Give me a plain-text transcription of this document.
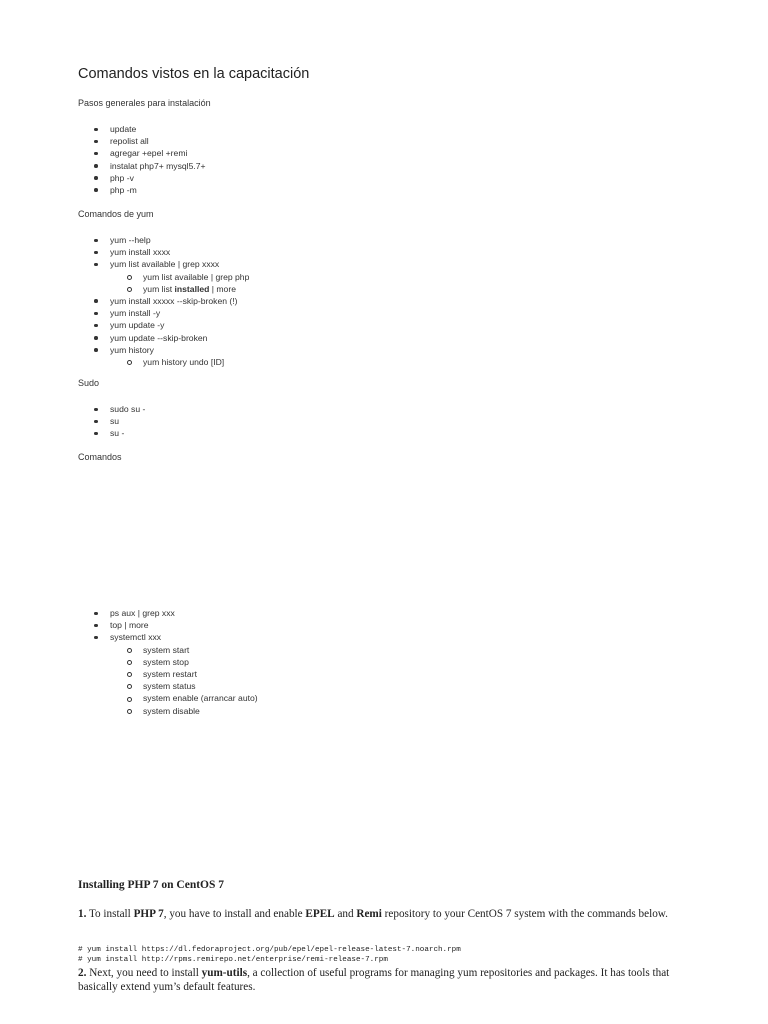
Comandos vistos en la capacitación
Pasos generales para instalación
update
repolist all
agregar +epel +remi
instalat php7+ mysql5.7+
php -v
php -m
Comandos de yum
yum --help
yum install xxxx
yum list available | grep xxxx
yum list available | grep php
yum list installed | more
yum install xxxxx --skip-broken (!)
yum install -y
yum update -y
yum update --skip-broken
yum history
yum history undo [ID]
Sudo
sudo su -
su
su -
Comandos
ps aux | grep xxx
top | more
systemctl xxx
system start
system stop
system restart
system status
system enable (arrancar auto)
system disable
Installing PHP 7 on CentOS 7
1. To install PHP 7, you have to install and enable EPEL and Remi repository to your CentOS 7 system with the commands below.
# yum install https://dl.fedoraproject.org/pub/epel/epel-release-latest-7.noarch.rpm
# yum install http://rpms.remirepo.net/enterprise/remi-release-7.rpm
2. Next, you need to install yum-utils, a collection of useful programs for managing yum repositories and packages. It has tools that basically extend yum’s default features.
